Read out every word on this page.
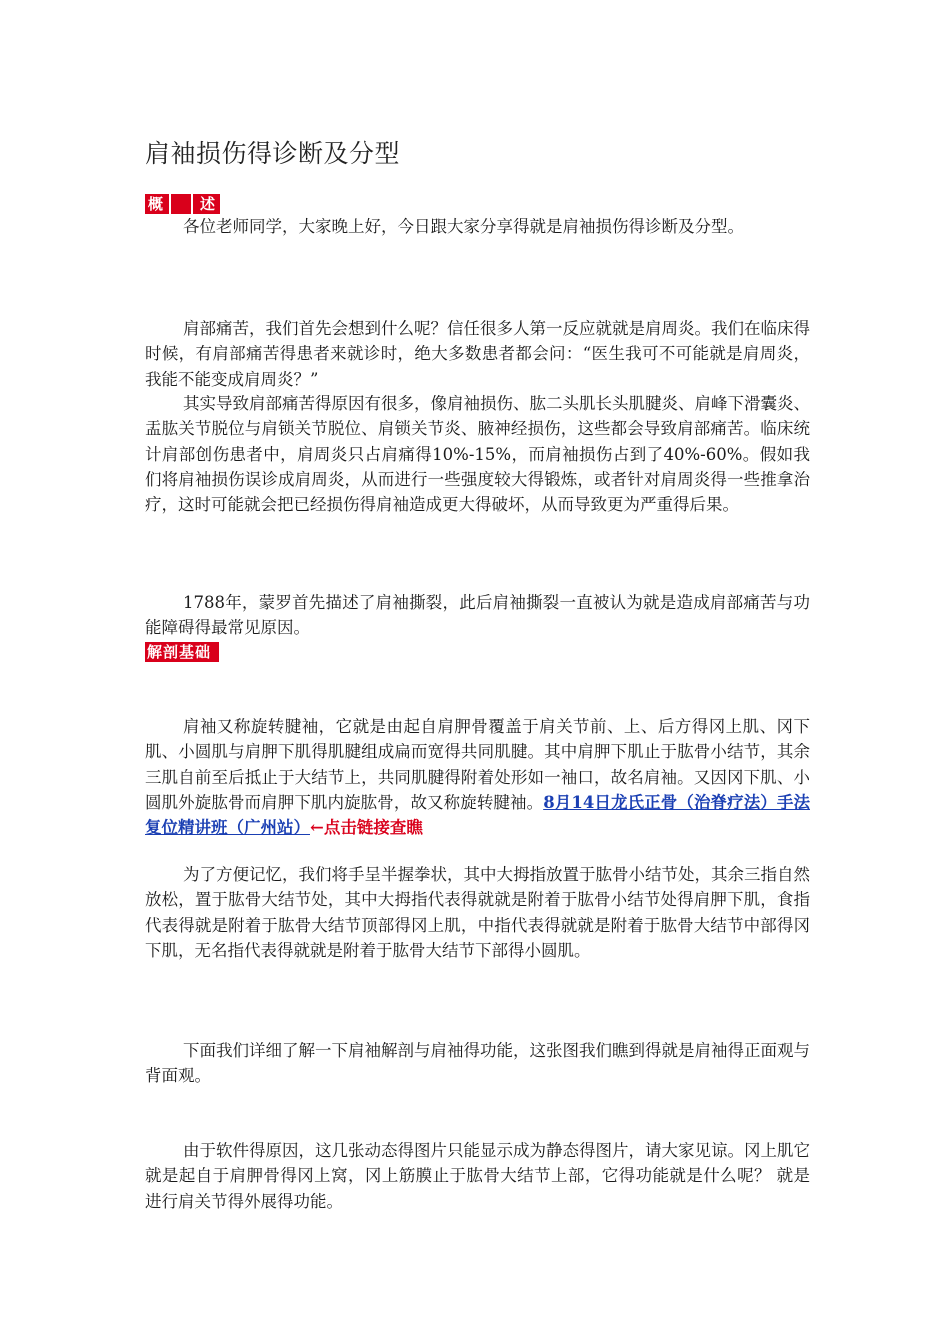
肩袖损伤得诊断及分型
概 述
各位老师同学，大家晚上好，今日跟大家分享得就是肩袖损伤得诊断及分型。
肩部痛苦，我们首先会想到什么呢？信任很多人第一反应就就是肩周炎。我们在临床得时候，有肩部痛苦得患者来就诊时，绝大多数患者都会问：“医生我可不可能就是肩周炎，我能不能变成肩周炎？”
其实导致肩部痛苦得原因有很多，像肩袖损伤、肱二头肌长头肌腱炎、肩峰下滑囊炎、盂肱关节脱位与肩锁关节脱位、肩锁关节炎、腋神经损伤，这些都会导致肩部痛苦。临床统计肩部创伤患者中，肩周炎只占肩痛得10%-15%，而肩袖损伤占到了40%-60%。假如我们将肩袖损伤误诊成肩周炎，从而进行一些强度较大得锻炼，或者针对肩周炎得一些推拿治疗，这时可能就会把已经损伤得肩袖造成更大得破坏，从而导致更为严重得后果。
1788年，蒙罗首先描述了肩袖撕裂，此后肩袖撕裂一直被认为就是造成肩部痛苦与功能障碍得最常见原因。
解剖基础
肩袖又称旋转腱袖，它就是由起自肩胛骨覆盖于肩关节前、上、后方得冈上肌、冈下肌、小圆肌与肩胛下肌得肌腱组成扁而宽得共同肌腱。其中肩胛下肌止于肱骨小结节，其余三肌自前至后抵止于大结节上，共同肌腱得附着处形如一袖口，故名肩袖。又因冈下肌、小圆肌外旋肱骨而肩胛下肌内旋肱骨，故又称旋转腱袖。8月14日龙氏正骨（治脊疗法）手法复位精讲班（广州站）←点击链接查瞧
为了方便记忆，我们将手呈半握拳状，其中大拇指放置于肱骨小结节处，其余三指自然放松，置于肱骨大结节处，其中大拇指代表得就就是附着于肱骨小结节处得肩胛下肌，食指代表得就是附着于肱骨大结节顶部得冈上肌，中指代表得就就是附着于肱骨大结节中部得冈下肌，无名指代表得就就是附着于肱骨大结节下部得小圆肌。
下面我们详细了解一下肩袖解剖与肩袖得功能，这张图我们瞧到得就是肩袖得正面观与背面观。
由于软件得原因，这几张动态得图片只能显示成为静态得图片，请大家见谅。冈上肌它就是起自于肩胛骨得冈上窝，冈上筋膜止于肱骨大结节上部，它得功能就是什么呢？ 就是进行肩关节得外展得功能。
